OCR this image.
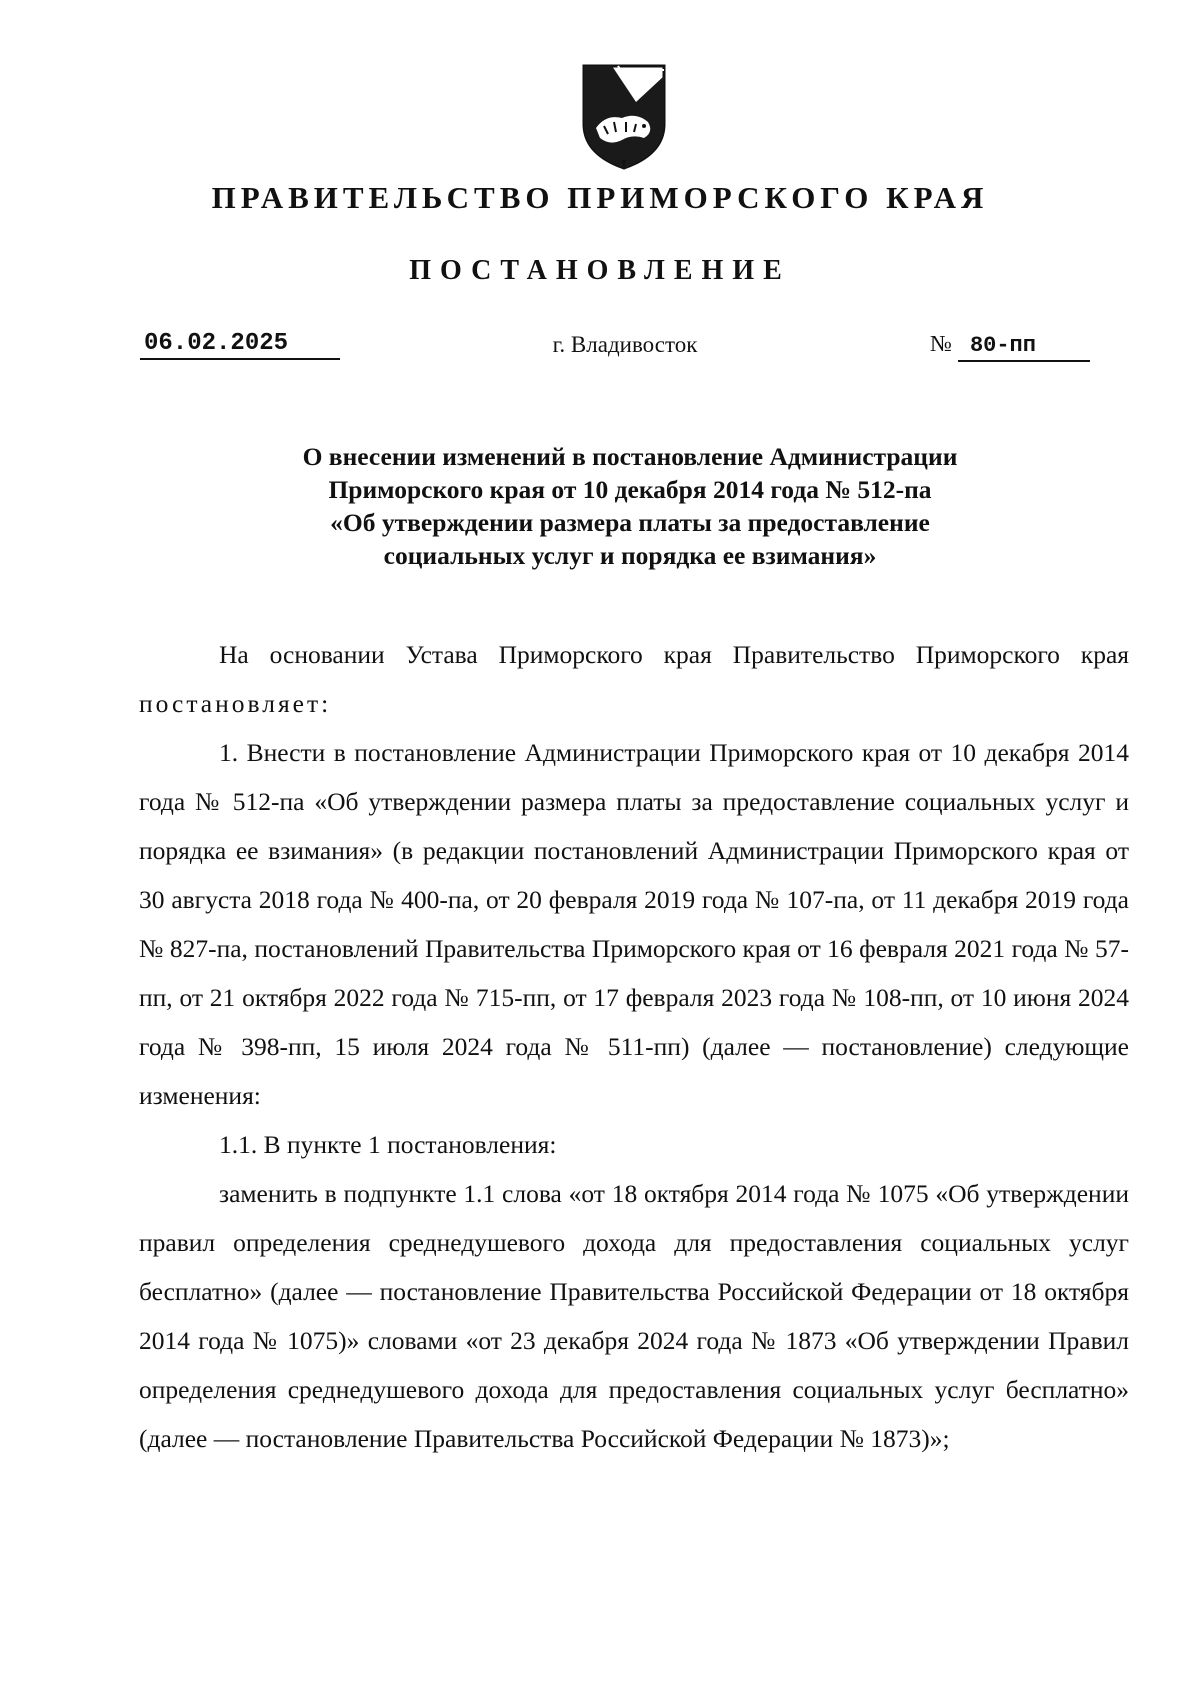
ПРАВИТЕЛЬСТВО ПРИМОРСКОГО КРАЯ
ПОСТАНОВЛЕНИЕ
06.02.2025	г. Владивосток	№ 80-пп
О внесении изменений в постановление Администрации
Приморского края от 10 декабря 2014 года № 512-па
«Об утверждении размера платы за предоставление
социальных услуг и порядка ее взимания»

На основании Устава Приморского края Правительство Приморского края постановляет:

1. Внести в постановление Администрации Приморского края от 10 декабря 2014 года № 512-па «Об утверждении размера платы за предоставление социальных услуг и порядка ее взимания» (в редакции постановлений Администрации Приморского края от 30 августа 2018 года № 400-па, от 20 февраля 2019 года № 107-па, от 11 декабря 2019 года № 827-па, постановлений Правительства Приморского края от 16 февраля 2021 года № 57-пп, от 21 октября 2022 года № 715-пп, от 17 февраля 2023 года № 108-пп, от 10 июня 2024 года № 398-пп, 15 июля 2024 года № 511-пп) (далее — постановление) следующие изменения:

1.1. В пункте 1 постановления:

заменить в подпункте 1.1 слова «от 18 октября 2014 года № 1075 «Об утверждении правил определения среднедушевого дохода для предоставления социальных услуг бесплатно» (далее — постановление Правительства Российской Федерации от 18 октября 2014 года № 1075)» словами «от 23 декабря 2024 года № 1873 «Об утверждении Правил определения среднедушевого дохода для предоставления социальных услуг бесплатно» (далее — постановление Правительства Российской Федерации № 1873)»;
